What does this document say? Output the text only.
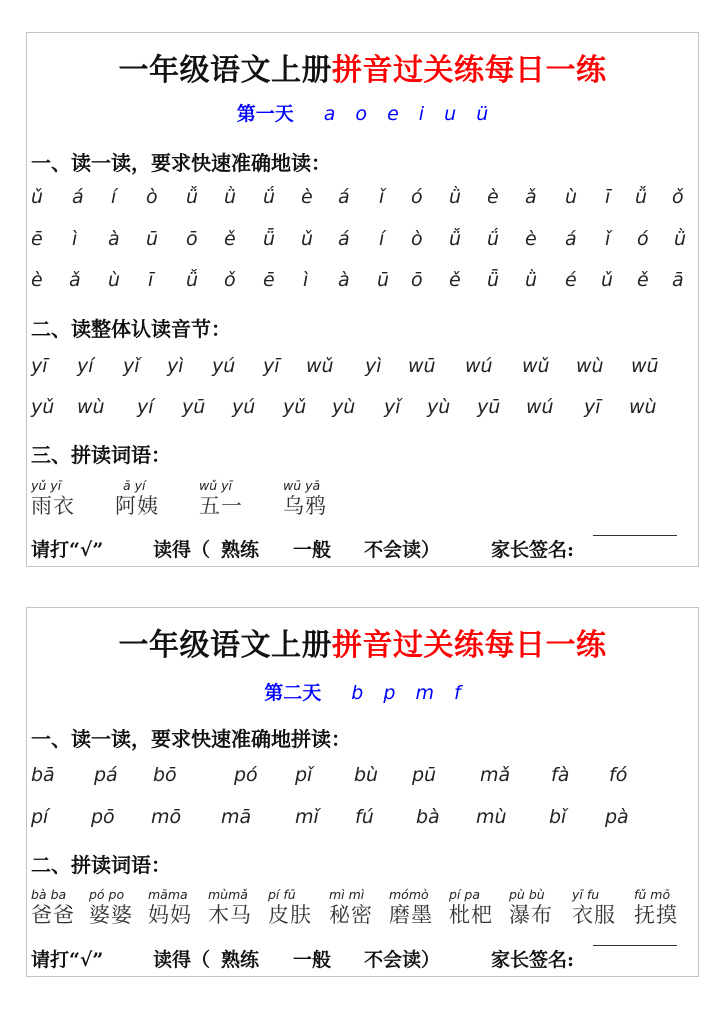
一年级语文上册拼音过关练每日一练
第一天 a o e i u ü
一、读一读，要求快速准确地读：
ǔ á í ò ǚ ǜ ǘ è á ǐ ó ǜ è ǎ ù ī ǚ ǒ
ē ì à ū ō ě ǖ ǔ á í ò ǚ ǘ è á ǐ ó ǜ
è ǎ ù ī ǚ ǒ ē ì à ū ō ě ǖ ǜ é ǔ ě ā
二、读整体认读音节：
yī yí yǐ yì yú yī wǔ yì wū wú wǔ wù wū
yǔ wù yí yū yú yǔ yù yǐ yù yū wú yī wù
三、拼读词语：
yǔ yī
雨衣
ā yí
阿姨
wǔ yī
五一
wū yā
乌鸦
请打“√”	读得（ 熟练 一般 不会读）	家长签名:
一年级语文上册拼音过关练每日一练
第二天 b p m f
一、读一读，要求快速准确地拼读：
bā pá bō	pó pǐ bù pū mǎ fà fó
pí pō mō mā mǐ fú bà mù bǐ pà
二、拼读词语：
bà ba
爸爸
pó po
婆婆
māma
妈妈
mùmǎ
木马
pí fū
皮肤
mì mì
秘密
mómò
磨墨
pí pa
枇杷
pù bù
瀑布
yī fu
衣服
fǔ mō
抚摸
请打“√”	读得（ 熟练 一般 不会读）	家长签名:
